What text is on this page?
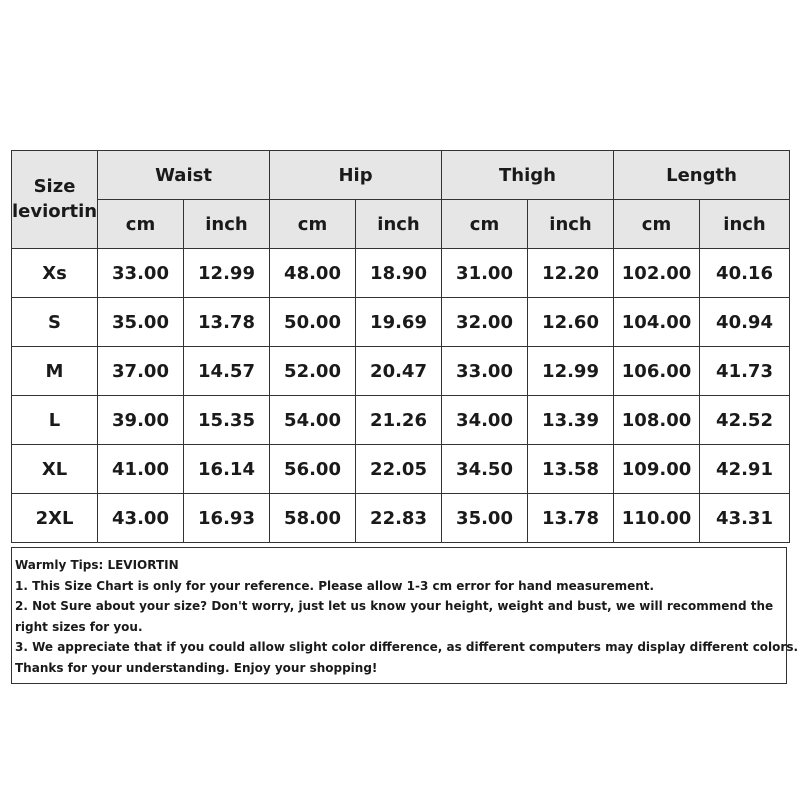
Size
leviortin	Waist		Hip		Thigh		Length	
	cm	inch	cm	inch	cm	inch	cm	inch
Xs	33.00	12.99	48.00	18.90	31.00	12.20	102.00	40.16
S	35.00	13.78	50.00	19.69	32.00	12.60	104.00	40.94
M	37.00	14.57	52.00	20.47	33.00	12.99	106.00	41.73
L	39.00	15.35	54.00	21.26	34.00	13.39	108.00	42.52
XL	41.00	16.14	56.00	22.05	34.50	13.58	109.00	42.91
2XL	43.00	16.93	58.00	22.83	35.00	13.78	110.00	43.31
Warmly Tips: LEVIORTIN
1. This Size Chart is only for your reference. Please allow 1-3 cm error for hand measurement.
2. Not Sure about your size? Don't worry, just let us know your height, weight and bust, we will recommend the right sizes for you.
3. We appreciate that if you could allow slight color difference, as different computers may display different colors.
Thanks for your understanding. Enjoy your shopping!
